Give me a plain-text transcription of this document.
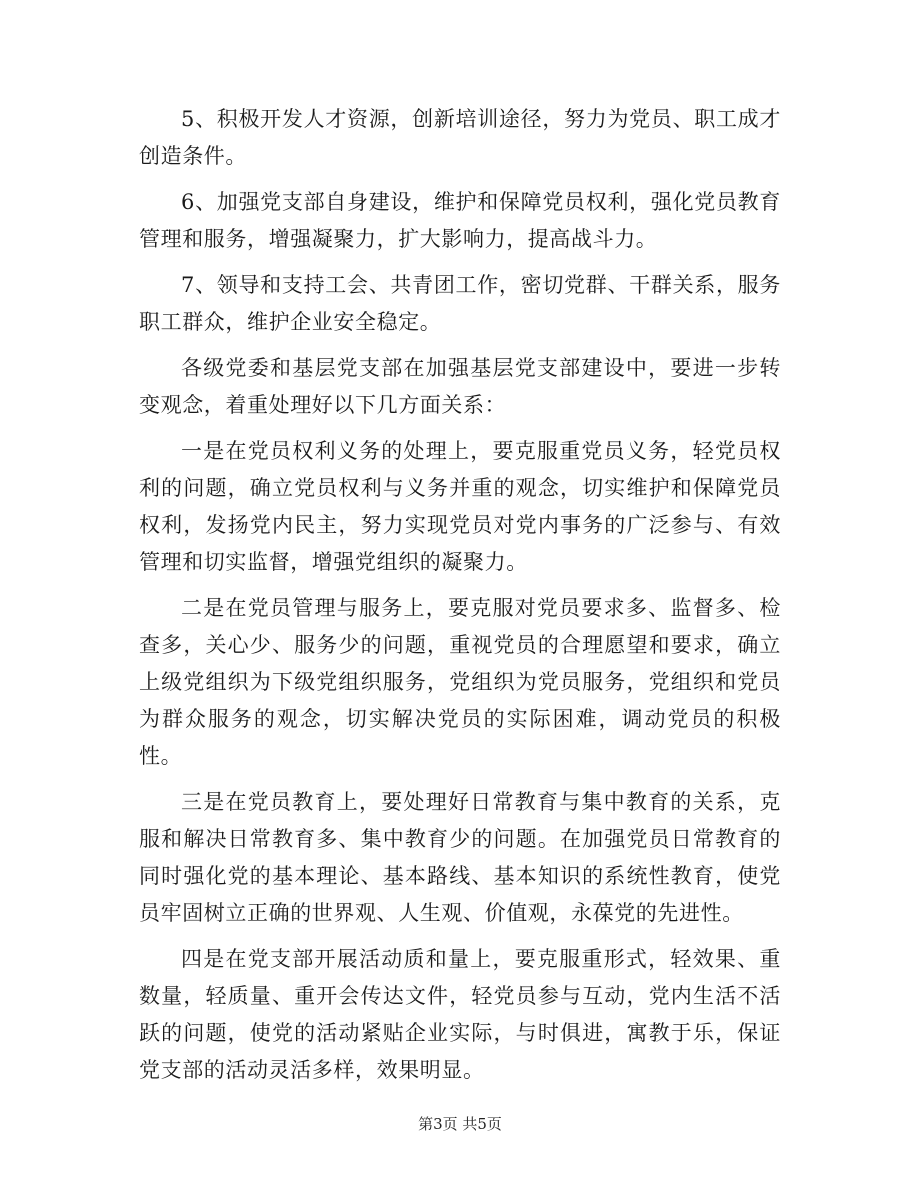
5、积极开发人才资源，创新培训途径，努力为党员、职工成才创造条件。

6、加强党支部自身建设，维护和保障党员权利，强化党员教育管理和服务，增强凝聚力，扩大影响力，提高战斗力。

7、领导和支持工会、共青团工作，密切党群、干群关系，服务职工群众，维护企业安全稳定。

各级党委和基层党支部在加强基层党支部建设中，要进一步转变观念，着重处理好以下几方面关系：

一是在党员权利义务的处理上，要克服重党员义务，轻党员权利的问题，确立党员权利与义务并重的观念，切实维护和保障党员权利，发扬党内民主，努力实现党员对党内事务的广泛参与、有效管理和切实监督，增强党组织的凝聚力。

二是在党员管理与服务上，要克服对党员要求多、监督多、检查多，关心少、服务少的问题，重视党员的合理愿望和要求，确立上级党组织为下级党组织服务，党组织为党员服务，党组织和党员为群众服务的观念，切实解决党员的实际困难，调动党员的积极性。

三是在党员教育上，要处理好日常教育与集中教育的关系，克服和解决日常教育多、集中教育少的问题。在加强党员日常教育的同时强化党的基本理论、基本路线、基本知识的系统性教育，使党员牢固树立正确的世界观、人生观、价值观，永葆党的先进性。

四是在党支部开展活动质和量上，要克服重形式，轻效果、重数量，轻质量、重开会传达文件，轻党员参与互动，党内生活不活跃的问题，使党的活动紧贴企业实际，与时俱进，寓教于乐，保证党支部的活动灵活多样，效果明显。

第3页 共5页
